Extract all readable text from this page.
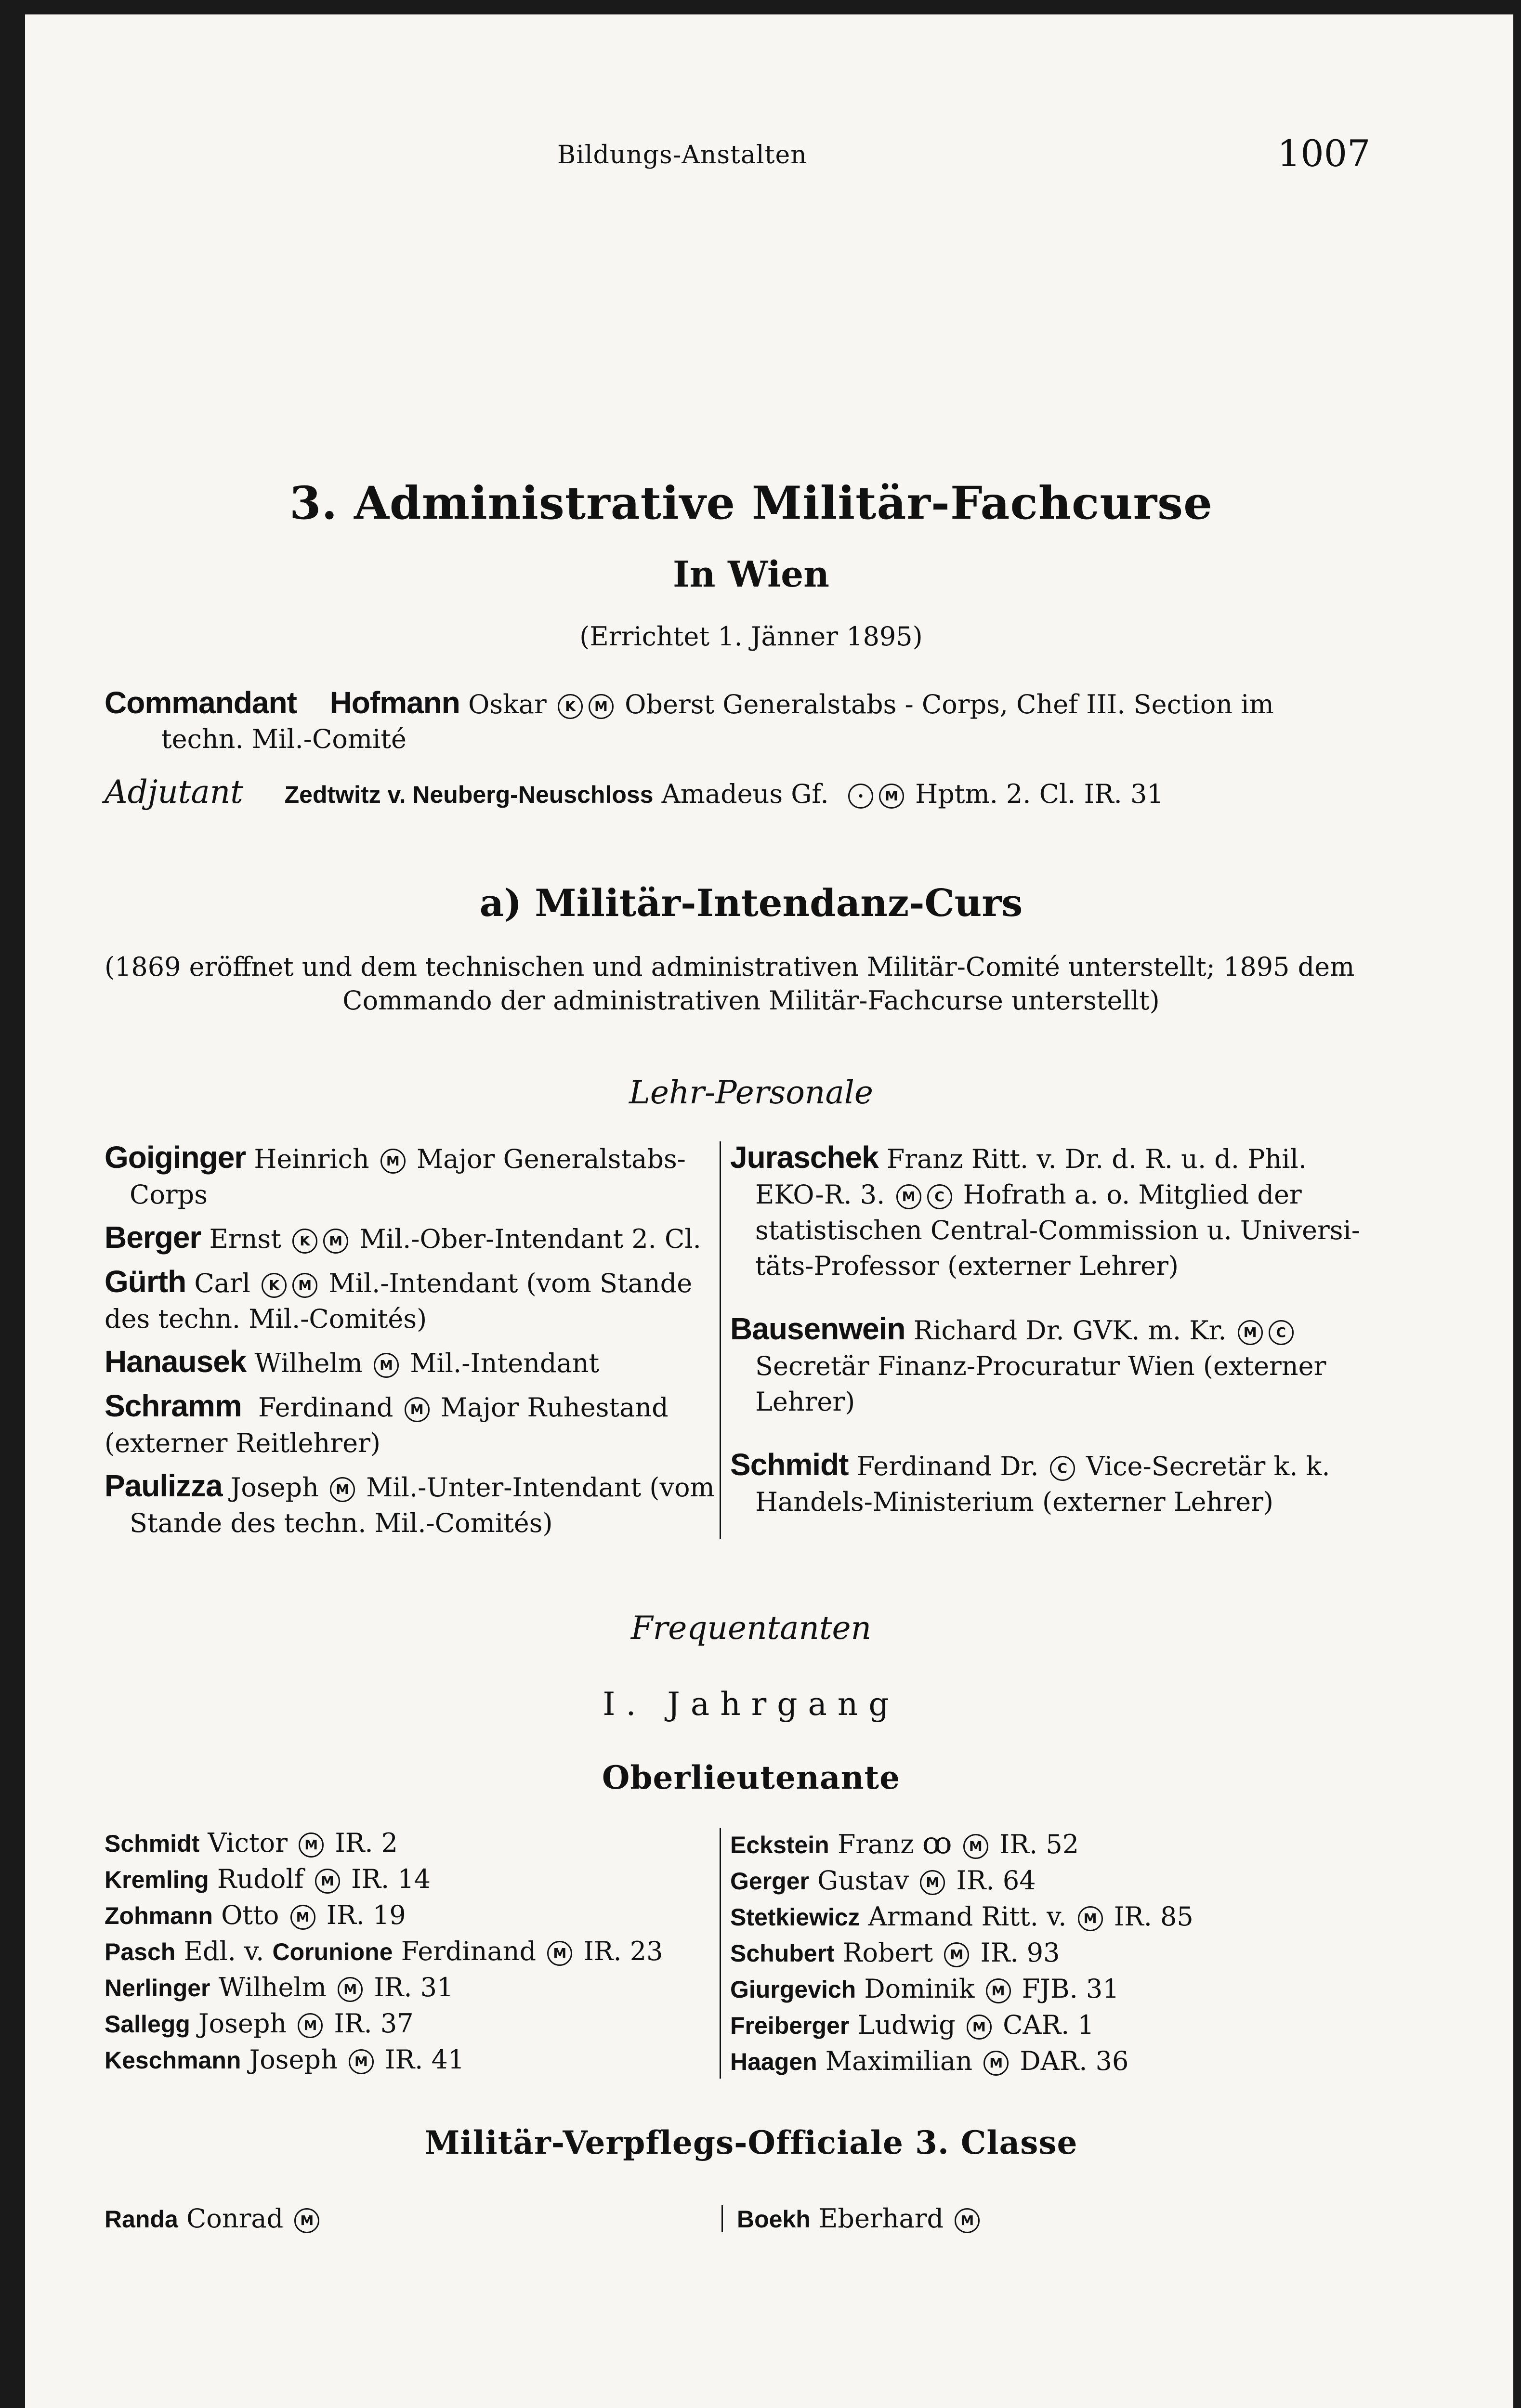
Bildungs-Anstalten	1007
3. Administrative Militär-Fachcurse
In Wien
(Errichtet 1. Jänner 1895)
Commandant Hofmann Oskar K M Oberst Generalstabs - Corps, Chef III. Section im
techn. Mil.-Comité
Adjutant Zedtwitz v. Neuberg-Neuschloss Amadeus Gf.	• M Hptm. 2. Cl. IR. 31
a) Militär-Intendanz-Curs
(1869 eröffnet und dem technischen und administrativen Militär-Comité unterstellt; 1895 dem
Commando der administrativen Militär-Fachcurse unterstellt)
Lehr-Personale
Goiginger Heinrich M Major Generalstabs-
Corps
Berger Ernst K M Mil.-Ober-Intendant 2. Cl.
Gürth Carl K M Mil.-Intendant (vom Stande
des techn. Mil.-Comités)
Hanausek Wilhelm M Mil.-Intendant
Schramm Ferdinand M Major Ruhestand
(externer Reitlehrer)
Paulizza Joseph M Mil.-Unter-Intendant (vom
Stande des techn. Mil.-Comités)
Juraschek Franz Ritt. v. Dr. d. R. u. d. Phil.
EKO-R. 3. M C Hofrath a. o. Mitglied der
statistischen Central-Commission u. Universi-
täts-Professor (externer Lehrer)
Bausenwein Richard Dr. GVK. m. Kr. M C
Secretär Finanz-Procuratur Wien (externer
Lehrer)
Schmidt Ferdinand Dr. C Vice-Secretär k. k.
Handels-Ministerium (externer Lehrer)
Frequentanten
I. Jahrgang
Oberlieutenante
Schmidt Victor M IR. 2
Kremling Rudolf M IR. 14
Zohmann Otto M IR. 19
Pasch Edl. v. Corunione Ferdinand M IR. 23
Nerlinger Wilhelm M IR. 31
Sallegg Joseph M IR. 37
Keschmann Joseph M IR. 41
Eckstein Franz ꝏ M IR. 52
Gerger Gustav M IR. 64
Stetkiewicz Armand Ritt. v. M IR. 85
Schubert Robert M IR. 93
Giurgevich Dominik M FJB. 31
Freiberger Ludwig M CAR. 1
Haagen Maximilian M DAR. 36
Militär-Verpflegs-Officiale 3. Classe
Randa Conrad M	Boekh Eberhard M
